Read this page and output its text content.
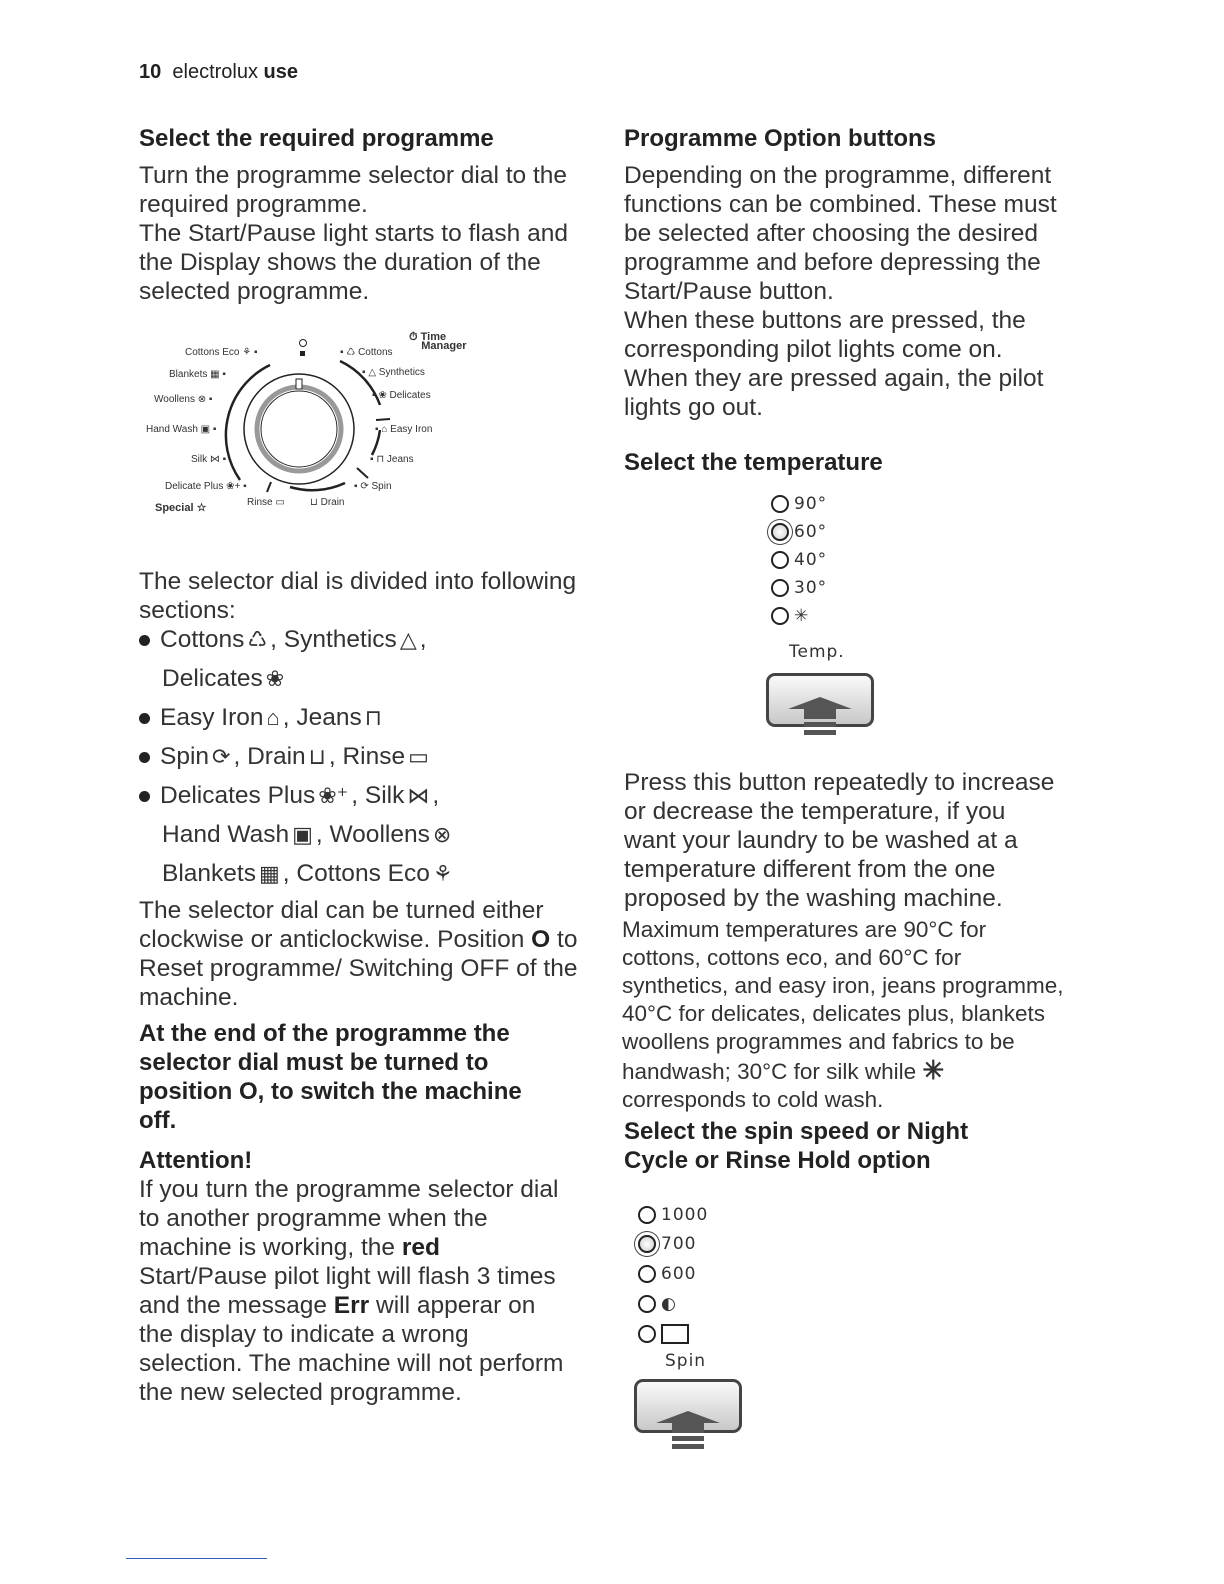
10 electrolux use
Select the required programme
Turn the programme selector dial to the
required programme.
The Start/Pause light starts to flash and
the Display shows the duration of the
selected programme.
⏱ Time
Manager
Cottons Eco ⚘ ▪	▪ ♺ Cottons
Blankets ▦ ▪	▪ △ Synthetics
Woollens ⊗ ▪	▪ ❀ Delicates
Hand Wash ▣ ▪	▪ ⌂ Easy Iron
Silk ⋈ ▪	▪ ⊓ Jeans
Delicate Plus ❀+ ▪	▪ ⟳ Spin
Special ☆	Rinse ▭	⊔ Drain
The selector dial is divided into following
sections:
Cottons ♺ , Synthetics △ ,
Delicates ❀
Easy Iron ⌂ , Jeans ⊓
Spin ⟳ , Drain ⊔ , Rinse ▭
Delicates Plus ❀⁺ , Silk ⋈ ,
Hand Wash ▣ , Woollens ⊗
Blankets ▦ , Cottons Eco ⚘
The selector dial can be turned either
clockwise or anticlockwise. Position O to
Reset programme/ Switching OFF of the
machine.
At the end of the programme the
selector dial must be turned to
position O, to switch the machine
off.
Attention!
If you turn the programme selector dial
to another programme when the
machine is working, the red
Start/Pause pilot light will flash 3 times
and the message Err will apperar on
the display to indicate a wrong
selection. The machine will not perform
the new selected programme.
Programme Option buttons
Depending on the programme, different
functions can be combined. These must
be selected after choosing the desired
programme and before depressing the
Start/Pause button.
When these buttons are pressed, the
corresponding pilot lights come on.
When they are pressed again, the pilot
lights go out.
Select the temperature
90°
60°
40°
30°
✳
Temp.
Press this button repeatedly to increase
or decrease the temperature, if you
want your laundry to be washed at a
temperature different from the one
proposed by the washing machine.
Maximum temperatures are 90°C for
cottons, cottons eco, and 60°C for
synthetics, and easy iron, jeans programme,
40°C for delicates, delicates plus, blankets
woollens programmes and fabrics to be
handwash; 30°C for silk while ✳
corresponds to cold wash.
Select the spin speed or Night
Cycle or Rinse Hold option
1000
700
600
◐
Spin
